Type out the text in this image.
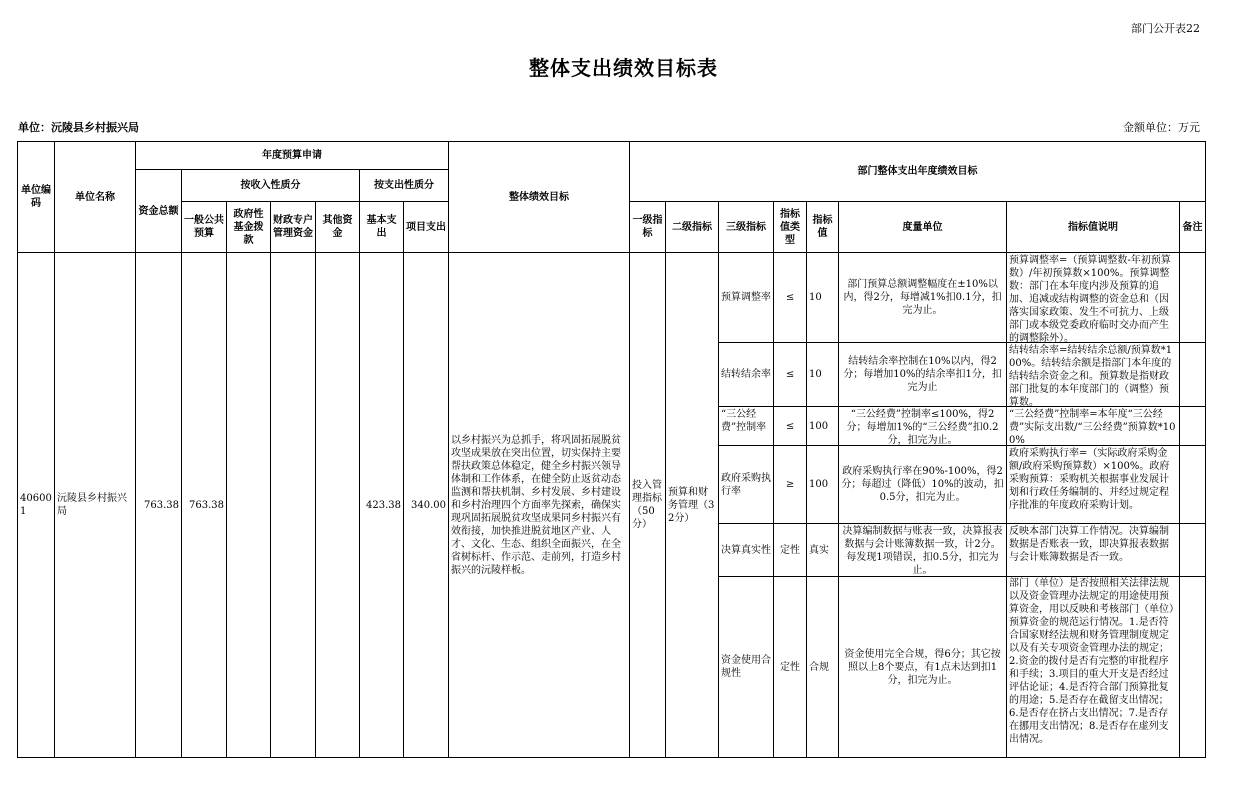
部门公开表22
整体支出绩效目标表
单位：沅陵县乡村振兴局	金额单位：万元
单位编码	单位名称	年度预算申请							整体绩效目标	部门整体支出年度绩效目标							
		资金总额	按收入性质分				按支出性质分										
			一般公共预算	政府性基金拨款	财政专户管理资金	其他资金	基本支出	项目支出		一级指标	二级指标	三级指标	指标值类型	指标值	度量单位	指标值说明	备注
406001	沅陵县乡村振兴局	763.38	763.38				423.38	340.00	以乡村振兴为总抓手，将巩固拓展脱贫攻坚成果放在突出位置，切实保持主要帮扶政策总体稳定，健全乡村振兴领导体制和工作体系，在健全防止返贫动态监测和帮扶机制、乡村发展、乡村建设和乡村治理四个方面率先探索，确保实现巩固拓展脱贫攻坚成果同乡村振兴有效衔接，加快推进脱贫地区产业、人才、文化、生态、组织全面振兴，在全省树标杆、作示范、走前列，打造乡村振兴的沅陵样板。	投入管理指标（50分）	预算和财务管理（32分）	预算调整率	≤	10	部门预算总额调整幅度在±10%以内，得2分，每增减1%扣0.1分，扣完为止。	预算调整率=（预算调整数-年初预算数）/年初预算数×100%。预算调整数：部门在本年度内涉及预算的追加、追减或结构调整的资金总和（因落实国家政策、发生不可抗力、上级部门或本级党委政府临时交办而产生的调整除外）。	

												结转结余率	≤	10	结转结余率控制在10%以内，得2分；每增加10%的结余率扣1分，扣完为止	结转结余率=结转结余总额/预算数*100%。结转结余额是指部门本年度的结转结余资金之和。预算数是指财政部门批复的本年度部门的（调整）预算数。	

												“三公经费”控制率	≤	100	“三公经费”控制率≤100%，得2分；每增加1%的“三公经费”扣0.2分，扣完为止。	“三公经费”控制率=本年度“三公经费”实际支出数/“三公经费”预算数*100%	

												政府采购执行率	≥	100	政府采购执行率在90%-100%，得2分；每超过（降低）10%的波动，扣0.5分，扣完为止。	政府采购执行率=（实际政府采购金额/政府采购预算数）×100%。政府采购预算：采购机关根据事业发展计划和行政任务编制的、并经过规定程序批准的年度政府采购计划。	

												决算真实性	定性	真实	决算编制数据与账表一致，决算报表数据与会计账簿数据一致，计2分。每发现1项错误，扣0.5分，扣完为止。	反映本部门决算工作情况。决算编制数据是否账表一致，即决算报表数据与会计账簿数据是否一致。	

												资金使用合规性	定性	合规	资金使用完全合规，得6分；其它按照以上8个要点，有1点未达到扣1分，扣完为止。	部门（单位）是否按照相关法律法规以及资金管理办法规定的用途使用预算资金，用以反映和考核部门（单位）预算资金的规范运行情况。1.是否符合国家财经法规和财务管理制度规定以及有关专项资金管理办法的规定；2.资金的拨付是否有完整的审批程序和手续；3.项目的重大开支是否经过评估论证；4.是否符合部门预算批复的用途；5.是否存在截留支出情况；6.是否存在挤占支出情况；7.是否存在挪用支出情况；8.是否存在虚列支出情况。	
